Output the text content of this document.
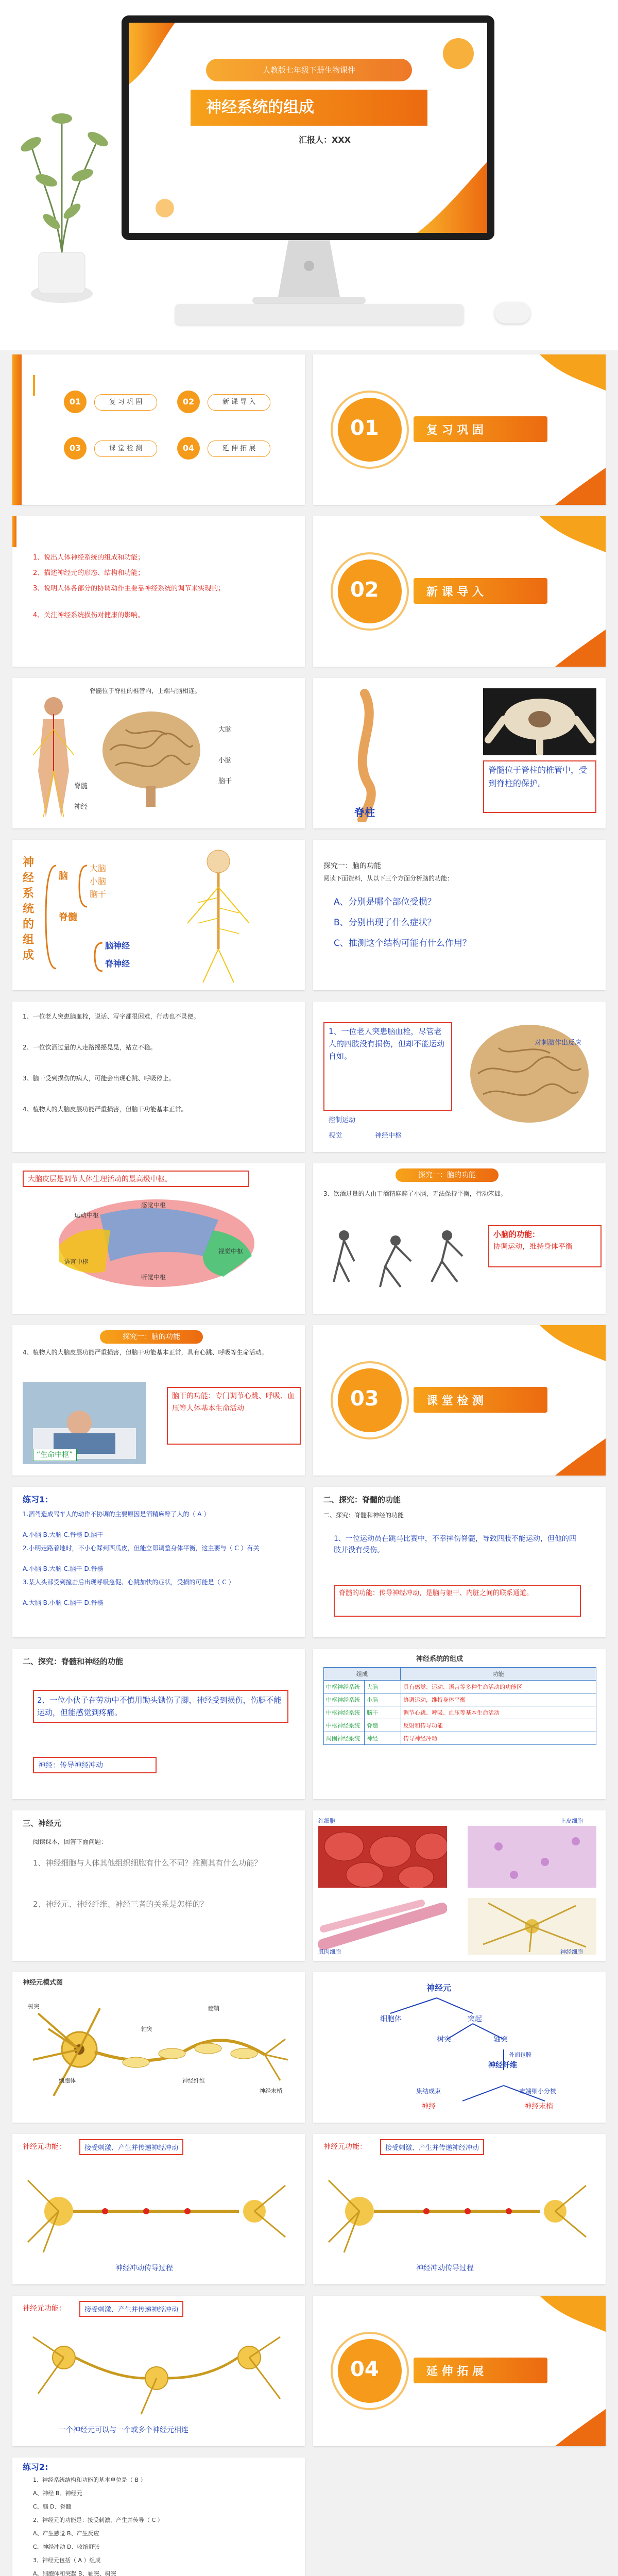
人教版七年级下册生物课件
神经系统的组成
汇报人：XXX
01	复 习 巩 固	02	新 课 导 入
03	课 堂 检 测	04	延 伸 拓 展
01	复 习 巩 固
1、说出人体神经系统的组成和功能；
2、描述神经元的形态、结构和功能；
3、说明人体各部分的协调动作主要靠神经系统的调节来实现的；
4、关注神经系统损伤对健康的影响。
02	新 课 导 入
脊髓位于脊柱的椎管内，上端与脑相连。
大脑
小脑
脑干
脊髓
神经	脊柱
脊髓位于脊柱的椎管中，受到脊柱的保护。
神经系统的组成
脑
大脑
小脑
脑干
脊髓
脑神经
脊神经
探究一：脑的功能
阅读下面资料，从以下三个方面分析脑的功能：
A、分别是哪个部位受损？
B、分别出现了什么症状？
C、推测这个结构可能有什么作用？
1、一位老人突患脑血栓，说话、写字都很困难，行动也不灵便。
2、一位饮酒过量的人走路摇摇晃晃，站立不稳。
3、脑干受到损伤的病人，可能会出现心跳、呼吸停止。
4、植物人的大脑皮层功能严重损害，但脑干功能基本正常。
1、一位老人突患脑血栓，尽管老人的四肢没有损伤，但却不能运动自如。
控制运动
视觉	神经中枢
对刺激作出反应
大脑皮层是调节人体生理活动的最高级中枢。
运动中枢
感觉中枢
语言中枢
视觉中枢
听觉中枢
探究一：脑的功能
3、饮酒过量的人由于酒精麻醉了小脑，无法保持平衡，行动笨拙。
小脑的功能：
协调运动，维持身体平衡
探究一：脑的功能
4、植物人的大脑皮层功能严重损害，但脑干功能基本正常，具有心跳、呼吸等生命活动。
“生命中枢”
脑干的功能：专门调节心跳、呼吸、血压等人体基本生命活动	03	课 堂 检 测
练习1:
1.酒驾造成驾车人的动作不协调的主要原因是酒精麻醉了人的（ A ）
A.小脑 B.大脑 C.脊髓 D.脑干
2.小明走路着地时，不小心踩到西瓜皮，但能立即调整身体平衡，这主要与（ C ）有关
A.小脑 B.大脑 C.脑干 D.脊髓
3.某人头部受到撞击后出现呼吸急促、心跳加快的症状，受损的可能是（ C ）
A.大脑 B.小脑 C.脑干 D.脊髓
二、探究：脊髓的功能
二、探究：脊髓和神经的功能
1、一位运动员在跳马比赛中，不幸摔伤脊髓，导致四肢不能运动，但他的四肢并没有受伤。
脊髓的功能：传导神经冲动，是脑与躯干、内脏之间的联系通道。
二、探究：脊髓和神经的功能
2、一位小伙子在劳动中不慎用锄头锄伤了脚，神经受到损伤，伤腿不能运动，但能感觉到疼痛。
神经：传导神经冲动
神经系统的组成
组成	功能
中枢神经系统	大脑	具有感觉、运动、语言等多种生命活动的功能区
中枢神经系统	小脑	协调运动，维持身体平衡
中枢神经系统	脑干	调节心跳、呼吸、血压等基本生命活动
中枢神经系统	脊髓	反射和传导功能
周围神经系统	神经	传导神经冲动
三、神经元
阅读课本，回答下面问题：
1、神经细胞与人体其他组织细胞有什么不同？推测其有什么功能？
2、神经元、神经纤维、神经三者的关系是怎样的？
红细胞	上皮细胞
肌肉细胞	神经细胞
神经元模式图
树突
细胞体
轴突
神经末梢
神经纤维
髓鞘
神经元
细胞体	突起
树突	轴突
外面包膜
神经纤维
集结成束	末端细小分枝
神经	神经末梢
神经元功能：	接受刺激、产生并传递神经冲动
神经冲动传导过程
神经元功能：	接受刺激、产生并传递神经冲动
神经冲动传导过程
神经元功能：	接受刺激、产生并传递神经冲动
一个神经元可以与一个或多个神经元相连
04	延 伸 拓 展
练习2:
1、神经系统结构和功能的基本单位是（ B ）
A、神经 B、神经元
C、脑 D、脊髓
2、神经元的功能是：接受刺激，产生并传导（ C ）
A、产生感觉 B、产生反应
C、神经冲动 D、收缩舒张
3、神经元包括（ A ）组成
A、细胞体和突起 B、轴突、树突
